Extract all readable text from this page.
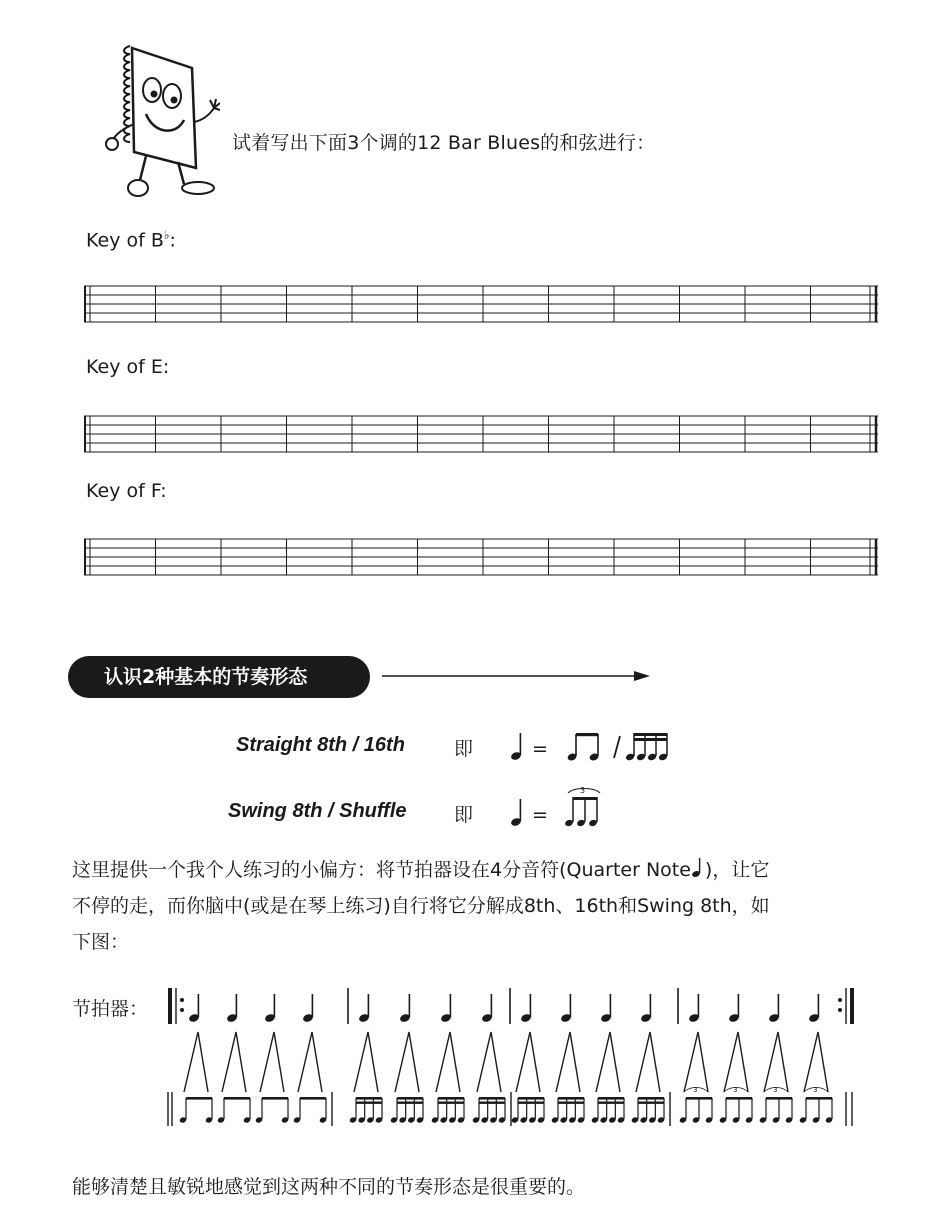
试着写出下面3个调的12 Bar Blues的和弦进行：
Key of B♭:
Key of E:
Key of F:
认识2种基本的节奏形态
Straight 8th / 16th	即	=
Swing 8th / Shuffle 即	=
3
这里提供一个我个人练习的小偏方：将节拍器设在4分音符(Quarter Note )，让它
不停的走，而你脑中(或是在琴上练习)自行将它分解成8th、16th和Swing 8th，如
下图：
节拍器：
3	3	3	3
能够清楚且敏锐地感觉到这两种不同的节奏形态是很重要的。
